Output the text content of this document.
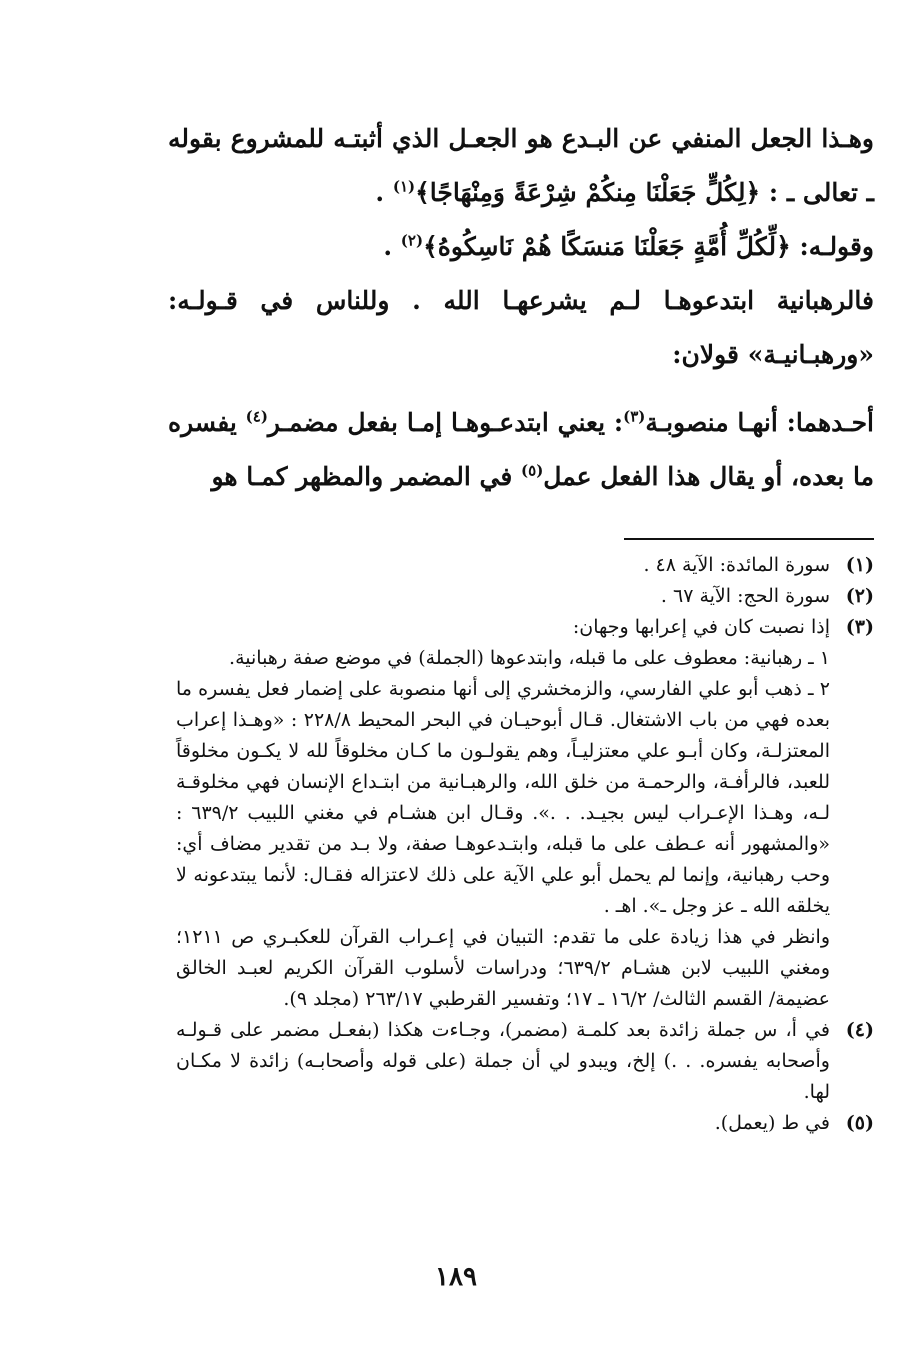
وهـذا الجعل المنفي عن البـدع هو الجعـل الذي أثبتـه للمشروع بقوله ـ تعالى ـ : ﴿لِكُلٍّ جَعَلْنَا مِنكُمْ شِرْعَةً وَمِنْهَاجًا﴾$^{(١)}$ .

وقولـه: ﴿لِّكُلِّ أُمَّةٍ جَعَلْنَا مَنسَكًا هُمْ نَاسِكُوهُ﴾$^{(٢)}$ .

فالرهبانية ابتدعوهـا لـم يشرعهـا الله . وللناس في قـولـه: «ورهبـانيـة» قولان:

أحـدهما: أنهـا منصوبـة$^{(٣)}$: يعني ابتدعـوهـا إمـا بفعل مضمـر$^{(٤)}$ يفسره ما بعده، أو يقال هذا الفعل عمل$^{(٥)}$ في المضمر والمظهر كمـا هو

(١)
سورة المائدة: الآية ٤٨ .
(٢)
سورة الحج: الآية ٦٧ .
(٣)

إذا نصبت كان في إعرابها وجهان:

١ ـ رهبانية: معطوف على ما قبله، وابتدعوها (الجملة) في موضع صفة رهبانية.

٢ ـ ذهب أبو علي الفارسي، والزمخشري إلى أنها منصوبة على إضمار فعل يفسره ما بعده فهي من باب الاشتغال. قـال أبوحيـان في البحر المحيط ٢٢٨/٨ : «وهـذا إعراب المعتزلـة، وكان أبـو علي معتزليـاً، وهم يقولـون ما كـان مخلوقاً لله لا يكـون مخلوقاً للعبد، فالرأفـة، والرحمـة من خلق الله، والرهبـانية من ابتـداع الإنسان فهي مخلوقـة لـه، وهـذا الإعـراب ليس بجيـد. . .». وقـال ابن هشـام في مغني اللبيب ٦٣٩/٢ : «والمشهور أنه عـطف على ما قبله، وابتـدعوهـا صفة، ولا بـد من تقدير مضاف أي: وحب رهبانية، وإنما لم يحمل أبو علي الآية على ذلك لاعتزاله فقـال: لأنما يبتدعونه لا يخلقه الله ـ عز وجل ـ». اهـ .

وانظر في هذا زيادة على ما تقدم: التبيان في إعـراب القرآن للعكبـري ص ١٢١١؛ ومغني اللبيب لابن هشـام ٦٣٩/٢؛ ودراسات لأسلوب القرآن الكريم لعبـد الخالق عضيمة/ القسم الثالث/ ١٦/٢ ـ ١٧؛ وتفسير القرطبي ٢٦٣/١٧ (مجلد ٩).

(٤)
في أ، س جملة زائدة بعد كلمـة (مضمر)، وجـاءت هكذا (بفعـل مضمر على قـولـه وأصحابه يفسره. . .) إلخ، ويبدو لي أن جملة (على قوله وأصحابـه) زائدة لا مكـان لها.
(٥)
في ط (يعمل).
١٨٩
